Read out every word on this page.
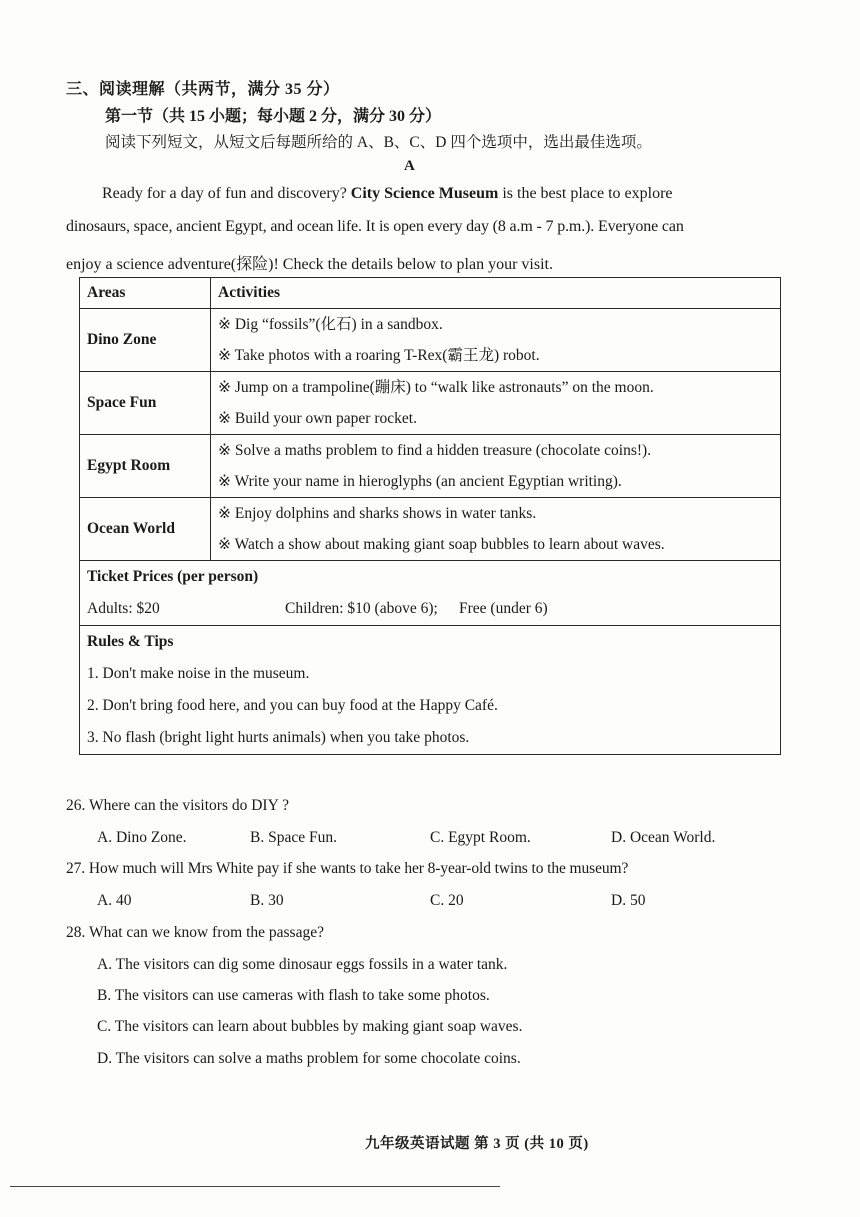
三、阅读理解（共两节，满分 35 分）
第一节（共 15 小题；每小题 2 分，满分 30 分）
阅读下列短文，从短文后每题所给的 A、B、C、D 四个选项中，选出最佳选项。
A
Ready for a day of fun and discovery? City Science Museum is the best place to explore
dinosaurs, space, ancient Egypt, and ocean life. It is open every day (8 a.m - 7 p.m.). Everyone can
enjoy a science adventure(探险)! Check the details below to plan your visit.
Areas	Activities
Dino Zone	※ Dig “fossils”(化石) in a sandbox.
※ Take photos with a roaring T-Rex(霸王龙) robot.

Space Fun	※ Jump on a trampoline(蹦床) to “walk like astronauts” on the moon.
※ Build your own paper rocket.

Egypt Room	※ Solve a maths problem to find a hidden treasure (chocolate coins!).
※ Write your name in hieroglyphs (an ancient Egyptian writing).

Ocean World	※ Enjoy dolphins and sharks shows in water tanks.
※ Watch a show about making giant soap bubbles to learn about waves.

Ticket Prices (per person)
Adults: $20 Children: $10 (above 6); Free (under 6)	

Rules & Tips
1. Don't make noise in the museum.
2. Don't bring food here, and you can buy food at the Happy Café.
3. No flash (bright light hurts animals) when you take photos.	
26. Where can the visitors do DIY ?
A. Dino Zone.	B. Space Fun.	C. Egypt Room.	D. Ocean World.
27. How much will Mrs White pay if she wants to take her 8-year-old twins to the museum?
A. 40	B. 30	C. 20	D. 50
28. What can we know from the passage?
A. The visitors can dig some dinosaur eggs fossils in a water tank.
B. The visitors can use cameras with flash to take some photos.
C. The visitors can learn about bubbles by making giant soap waves.
D. The visitors can solve a maths problem for some chocolate coins.
九年级英语试题 第 3 页 (共 10 页)
